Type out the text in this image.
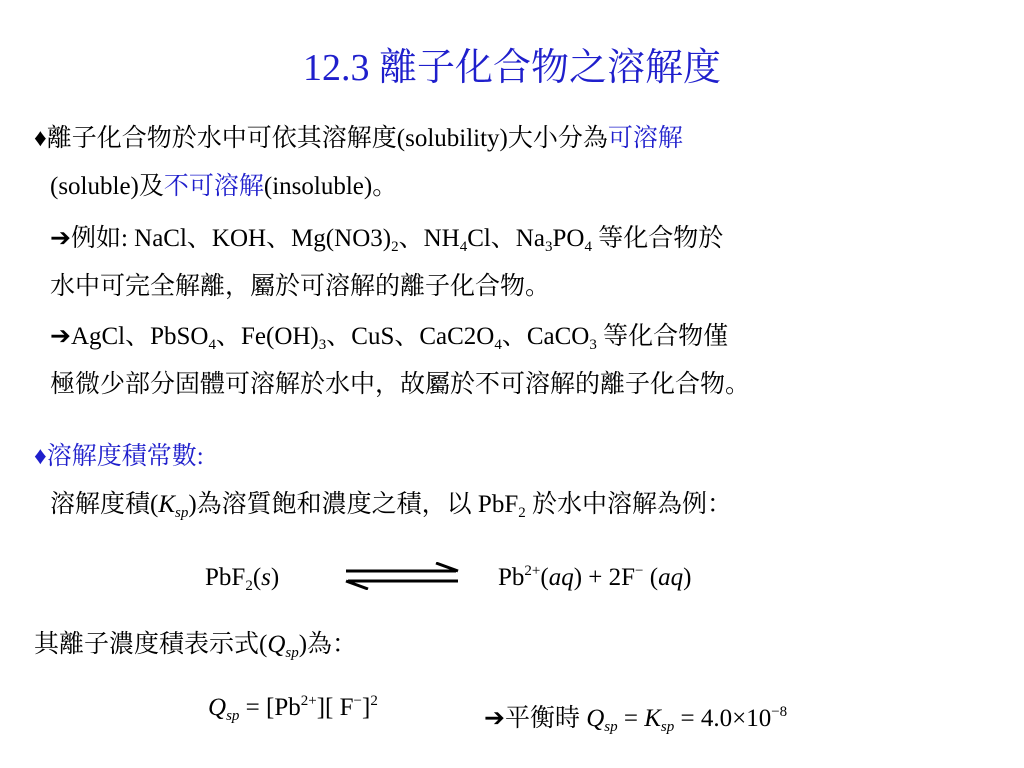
12.3 離子化合物之溶解度
♦離子化合物於水中可依其溶解度(solubility)大小分為可溶解
(soluble)及不可溶解(insoluble)。
➔例如: NaCl、KOH、$Mg(NO3)_2$、$NH_4Cl$、$Na_3PO_4$ 等化合物於
水中可完全解離，屬於可溶解的離子化合物。
➔AgCl、PbSO$_4$、$Fe(OH)_3$、CuS、$CaC2O_4$、CaCO$_3$ 等化合物僅
極微少部分固體可溶解於水中，故屬於不可溶解的離子化合物。
♦溶解度積常數:
溶解度積$(K_{sp})$為溶質飽和濃度之積，以 PbF$_2$ 於水中溶解為例：
PbF$_2$(s)	$Pb^{2+}(aq) + 2F^-$ (aq)
其離子濃度積表示式$(Q_{sp})$為：
$Q_{sp} = [Pb^{2+}]$[ F−]$^2$
➔平衡時 $Q_{sp} = K_{sp} = 4.0\times 10^{-8}$
